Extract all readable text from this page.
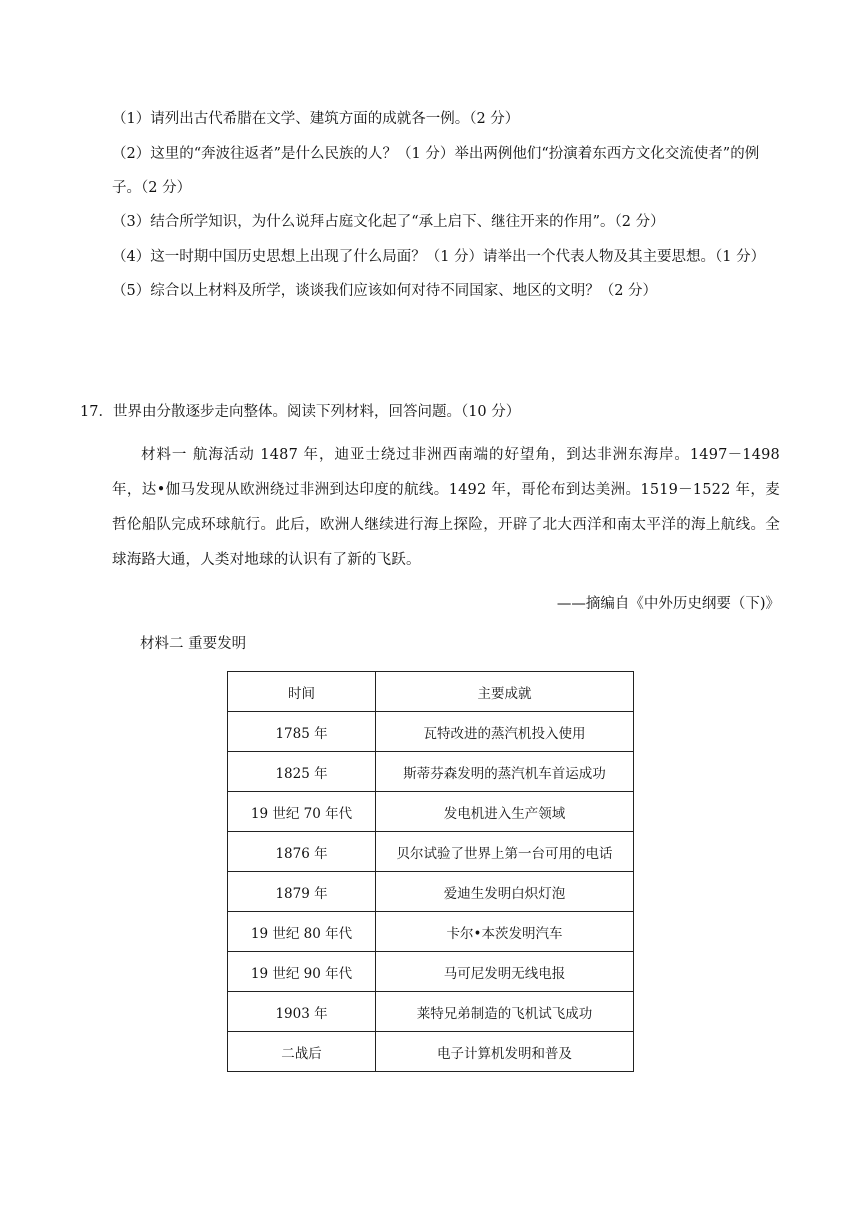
（1）请列出古代希腊在文学、建筑方面的成就各一例。（2 分）
（2）这里的“奔波往返者”是什么民族的人？（1 分）举出两例他们“扮演着东西方文化交流使者”的例
子。（2 分）
（3）结合所学知识，为什么说拜占庭文化起了“承上启下、继往开来的作用”。（2 分）
（4）这一时期中国历史思想上出现了什么局面？（1 分）请举出一个代表人物及其主要思想。（1 分）
（5）综合以上材料及所学，谈谈我们应该如何对待不同国家、地区的文明？（2 分）
17．世界由分散逐步走向整体。阅读下列材料，回答问题。（10 分）
材料一 航海活动 1487 年，迪亚士绕过非洲西南端的好望角，到达非洲东海岸。1497－1498 年，达•伽马发现从欧洲绕过非洲到达印度的航线。1492 年，哥伦布到达美洲。1519－1522 年，麦哲伦船队完成环球航行。此后，欧洲人继续进行海上探险，开辟了北大西洋和南太平洋的海上航线。全球海路大通，人类对地球的认识有了新的飞跃。
——摘编自《中外历史纲要（下)》
材料二 重要发明
时间	主要成就
1785 年	瓦特改进的蒸汽机投入使用
1825 年	斯蒂芬森发明的蒸汽机车首运成功
19 世纪 70 年代	发电机进入生产领域
1876 年	贝尔试验了世界上第一台可用的电话
1879 年	爱迪生发明白炽灯泡
19 世纪 80 年代	卡尔•本茨发明汽车
19 世纪 90 年代	马可尼发明无线电报
1903 年	莱特兄弟制造的飞机试飞成功
二战后	电子计算机发明和普及
